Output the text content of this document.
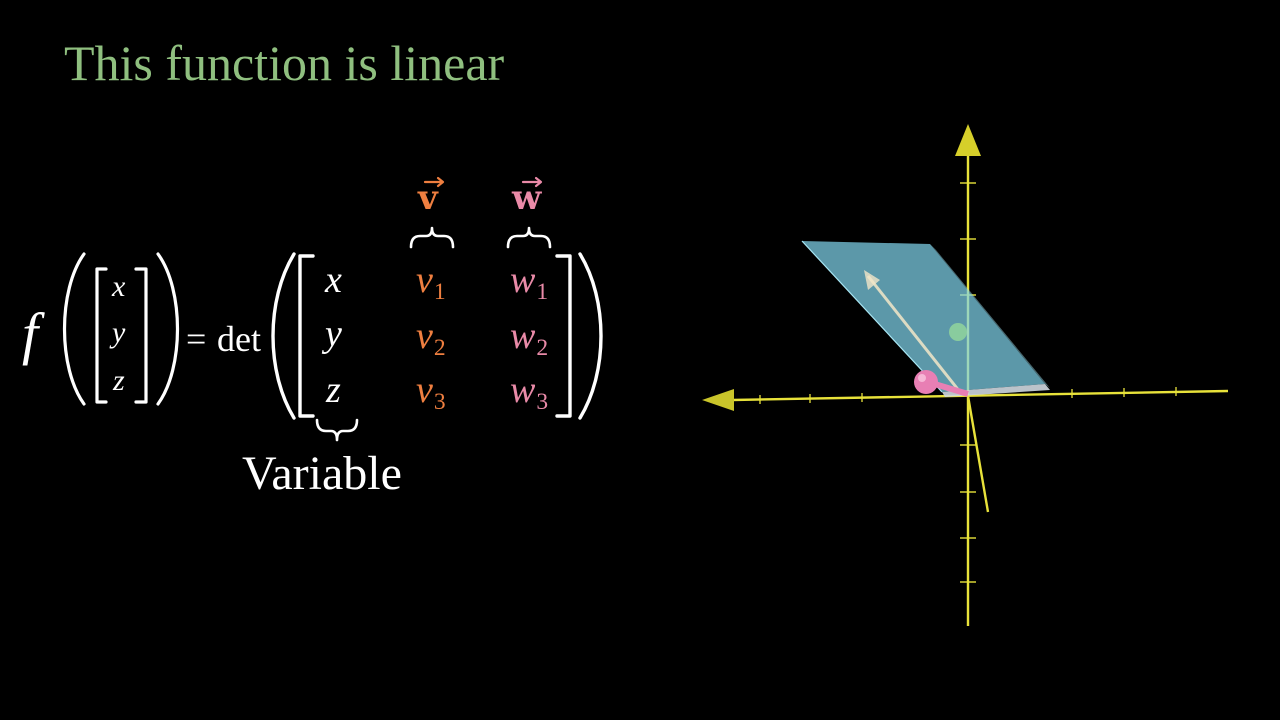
This function is linear
f
x
y
z
= det
x
y
z
$v_1$
$v_2$
$v_3$
$w_1$
$w_2$
$w_3$
v w
Variable
